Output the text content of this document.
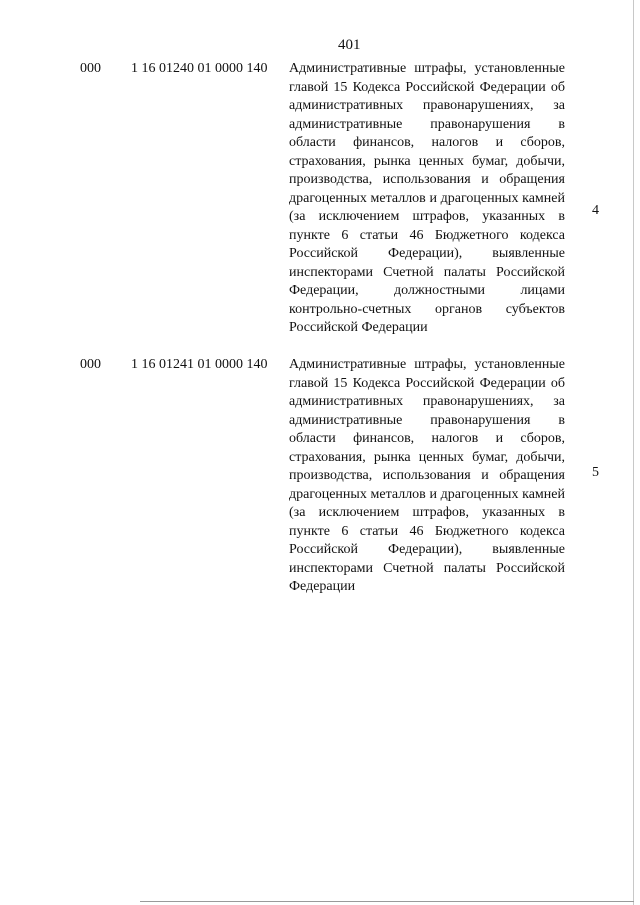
401
000 1 16 01240 01 0000 140 Административные штрафы, установленные главой 15 Кодекса Российской Федерации об административных правонарушениях, за административные правонарушения в области финансов, налогов и сборов, страхования, рынка ценных бумаг, добычи, производства, использования и обращения драгоценных металлов и драгоценных камней (за исключением штрафов, указанных в пункте 6 статьи 46 Бюджетного кодекса Российской Федерации), выявленные инспекторами Счетной палаты Российской Федерации, должностными лицами контрольно-счетных органов субъектов Российской Федерации
4
000 1 16 01241 01 0000 140 Административные штрафы, установленные главой 15 Кодекса Российской Федерации об административных правонарушениях, за административные правонарушения в области финансов, налогов и сборов, страхования, рынка ценных бумаг, добычи, производства, использования и обращения драгоценных металлов и драгоценных камней (за исключением штрафов, указанных в пункте 6 статьи 46 Бюджетного кодекса Российской Федерации), выявленные инспекторами Счетной палаты Российской Федерации
5
